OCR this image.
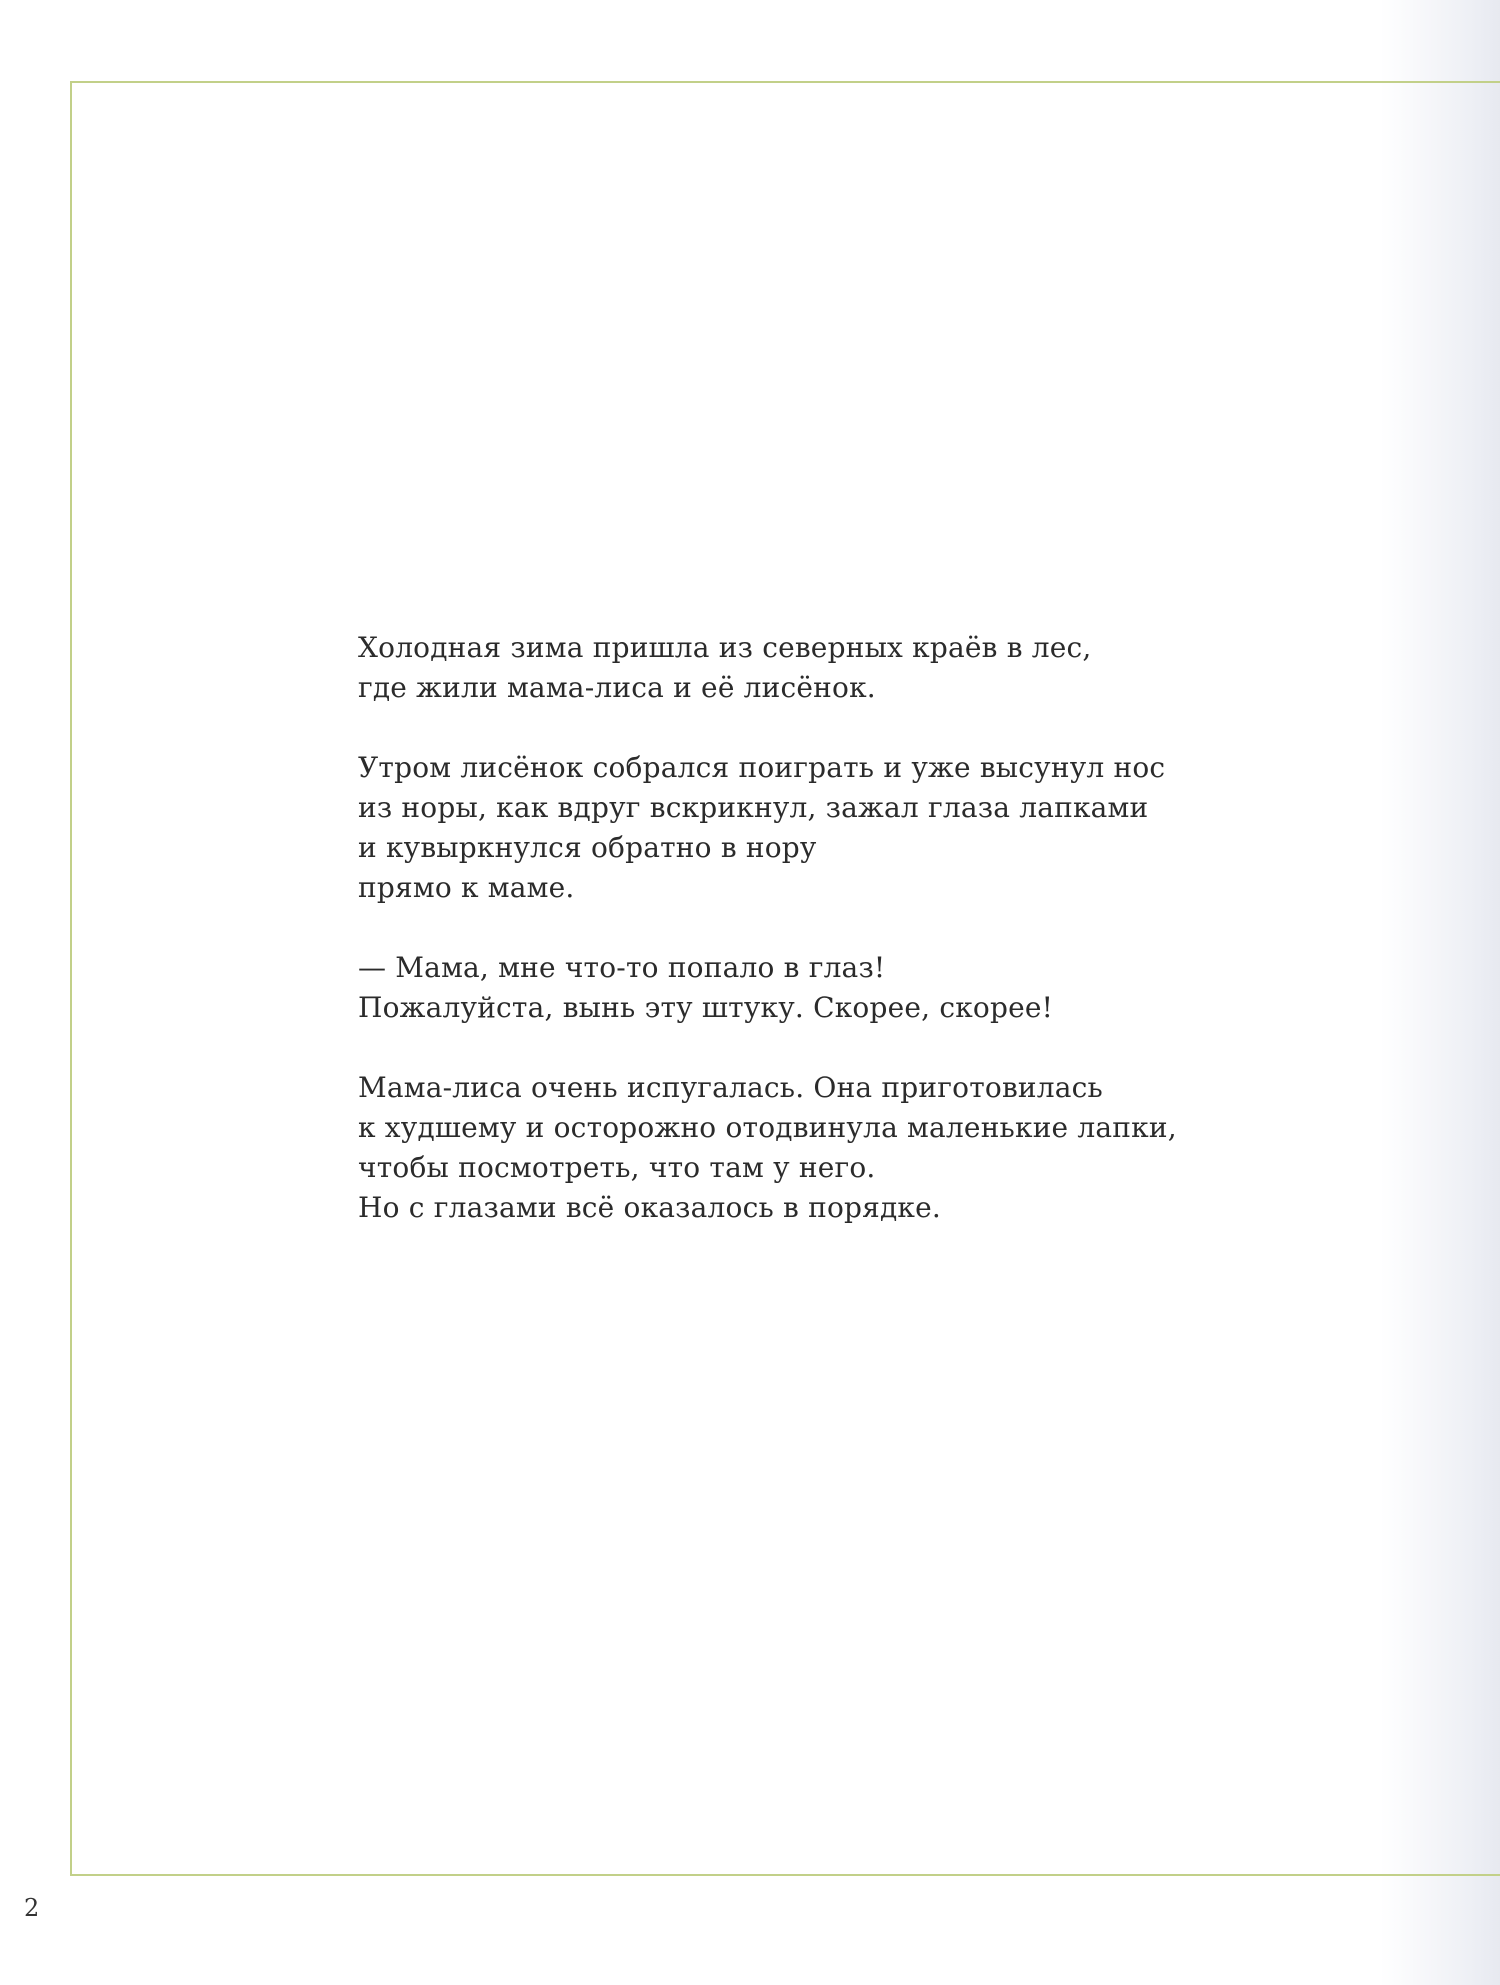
Холодная зима пришла из северных краёв в лес,
где жили мама-лиса и её лисёнок.

Утром лисёнок собрался поиграть и уже высунул нос
из норы, как вдруг вскрикнул, зажал глаза лапками
и кувыркнулся обратно в нору
прямо к маме.

— Мама, мне что-то попало в глаз!
Пожалуйста, вынь эту штуку. Скорее, скорее!

Мама-лиса очень испугалась. Она приготовилась
к худшему и осторожно отодвинула маленькие лапки,
чтобы посмотреть, что там у него.
Но с глазами всё оказалось в порядке.

2
